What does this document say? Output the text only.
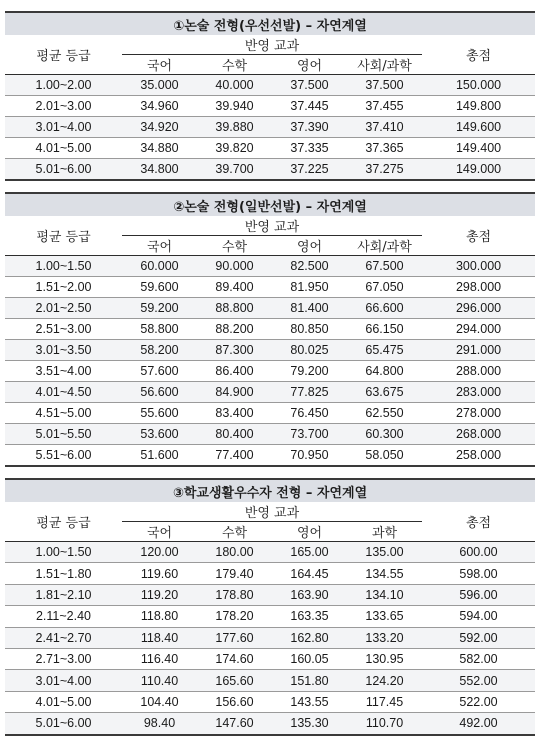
①논술 전형(우선선발) – 자연계열					
평균 등급	반영 교과				총점
	국어	수학	영어	사회/과학	
1.00~2.00	35.000	40.000	37.500	37.500	150.000
2.01~3.00	34.960	39.940	37.445	37.455	149.800
3.01~4.00	34.920	39.880	37.390	37.410	149.600
4.01~5.00	34.880	39.820	37.335	37.365	149.400
5.01~6.00	34.800	39.700	37.225	37.275	149.000
②논술 전형(일반선발) – 자연계열					
평균 등급	반영 교과				총점
	국어	수학	영어	사회/과학	
1.00~1.50	60.000	90.000	82.500	67.500	300.000
1.51~2.00	59.600	89.400	81.950	67.050	298.000
2.01~2.50	59.200	88.800	81.400	66.600	296.000
2.51~3.00	58.800	88.200	80.850	66.150	294.000
3.01~3.50	58.200	87.300	80.025	65.475	291.000
3.51~4.00	57.600	86.400	79.200	64.800	288.000
4.01~4.50	56.600	84.900	77.825	63.675	283.000
4.51~5.00	55.600	83.400	76.450	62.550	278.000
5.01~5.50	53.600	80.400	73.700	60.300	268.000
5.51~6.00	51.600	77.400	70.950	58.050	258.000
③학교생활우수자 전형 – 자연계열					
평균 등급	반영 교과				총점
	국어	수학	영어	과학	
1.00~1.50	120.00	180.00	165.00	135.00	600.00
1.51~1.80	119.60	179.40	164.45	134.55	598.00
1.81~2.10	119.20	178.80	163.90	134.10	596.00
2.11~2.40	118.80	178.20	163.35	133.65	594.00
2.41~2.70	118.40	177.60	162.80	133.20	592.00
2.71~3.00	116.40	174.60	160.05	130.95	582.00
3.01~4.00	110.40	165.60	151.80	124.20	552.00
4.01~5.00	104.40	156.60	143.55	117.45	522.00
5.01~6.00	98.40	147.60	135.30	110.70	492.00
